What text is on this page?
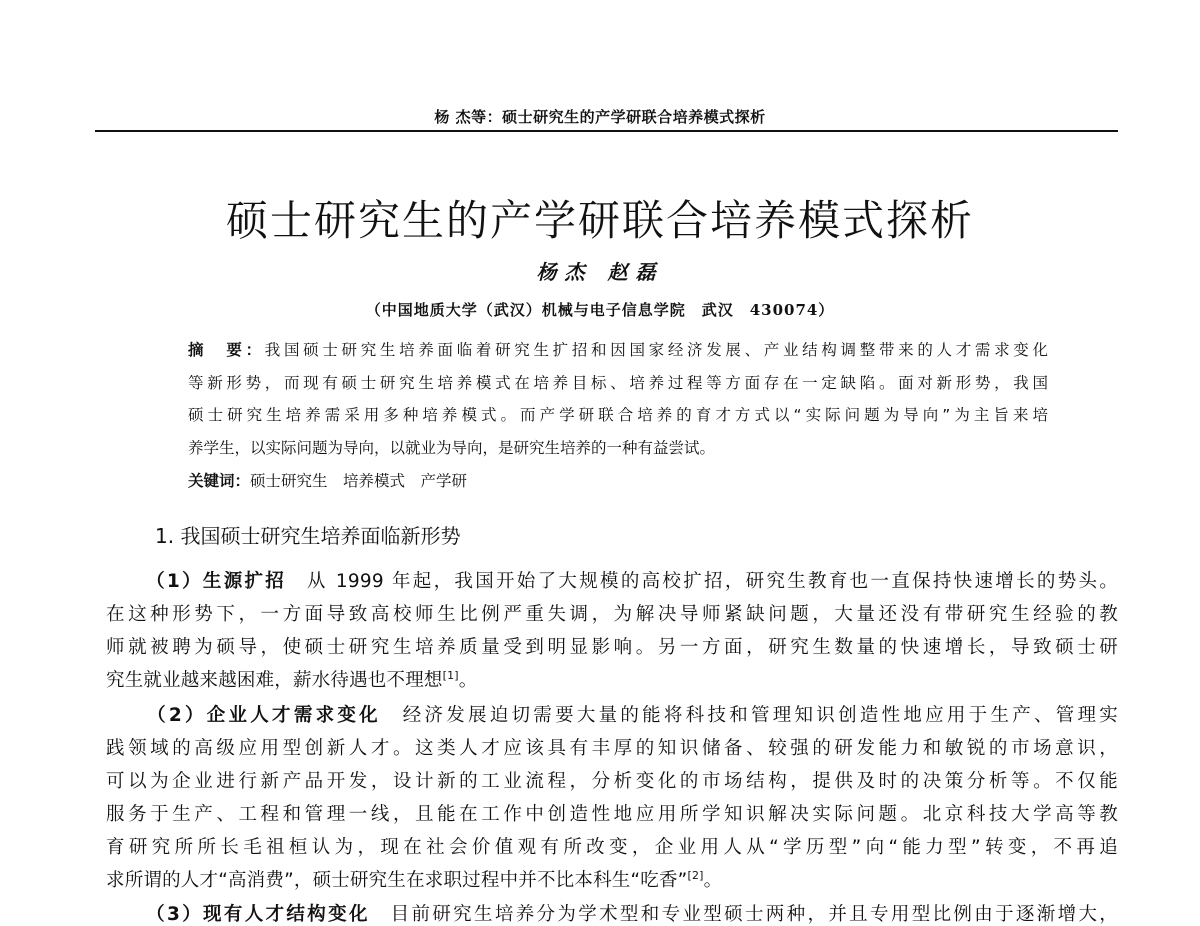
杨 杰等：硕士研究生的产学研联合培养模式探析
硕士研究生的产学研联合培养模式探析
杨杰 赵磊
（中国地质大学（武汉）机械与电子信息学院　武汉　430074）
摘　要：我国硕士研究生培养面临着研究生扩招和因国家经济发展、产业结构调整带来的人才需求变化
等新形势，而现有硕士研究生培养模式在培养目标、培养过程等方面存在一定缺陷。面对新形势，我国
硕士研究生培养需采用多种培养模式。而产学研联合培养的育才方式以“实际问题为导向”为主旨来培
养学生，以实际问题为导向，以就业为导向，是研究生培养的一种有益尝试。
关键词：硕士研究生　培养模式　产学研
1. 我国硕士研究生培养面临新形势
（1）生源扩招　 从 1999 年起，我国开始了大规模的高校扩招，研究生教育也一直保持快速增长的势头。
在这种形势下，一方面导致高校师生比例严重失调，为解决导师紧缺问题，大量还没有带研究生经验的教
师就被聘为硕导，使硕士研究生培养质量受到明显影响。另一方面，研究生数量的快速增长，导致硕士研
究生就业越来越困难，薪水待遇也不理想[1]。
（2）企业人才需求变化　 经济发展迫切需要大量的能将科技和管理知识创造性地应用于生产、管理实
践领域的高级应用型创新人才。这类人才应该具有丰厚的知识储备、较强的研发能力和敏锐的市场意识，
可以为企业进行新产品开发，设计新的工业流程，分析变化的市场结构，提供及时的决策分析等。不仅能
服务于生产、工程和管理一线，且能在工作中创造性地应用所学知识解决实际问题。北京科技大学高等教
育研究所所长毛祖桓认为，现在社会价值观有所改变，企业用人从“学历型”向“能力型”转变，不再追
求所谓的人才“高消费”，硕士研究生在求职过程中并不比本科生“吃香”[2]。
（3）现有人才结构变化　 目前研究生培养分为学术型和专业型硕士两种，并且专用型比例由于逐渐增大，
